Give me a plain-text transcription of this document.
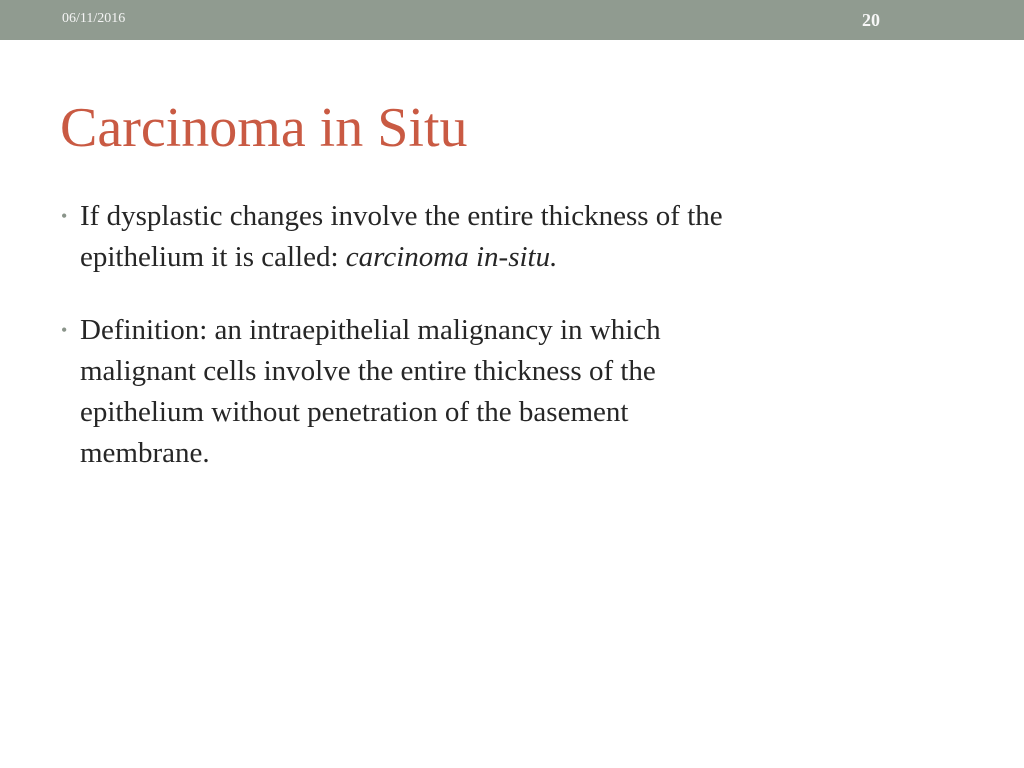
06/11/2016	20
Carcinoma in Situ
• If dysplastic changes involve the entire thickness of the
epithelium it is called: carcinoma in-situ.
• Definition: an intraepithelial malignancy in which
malignant cells involve the entire thickness of the
epithelium without penetration of the basement
membrane.
